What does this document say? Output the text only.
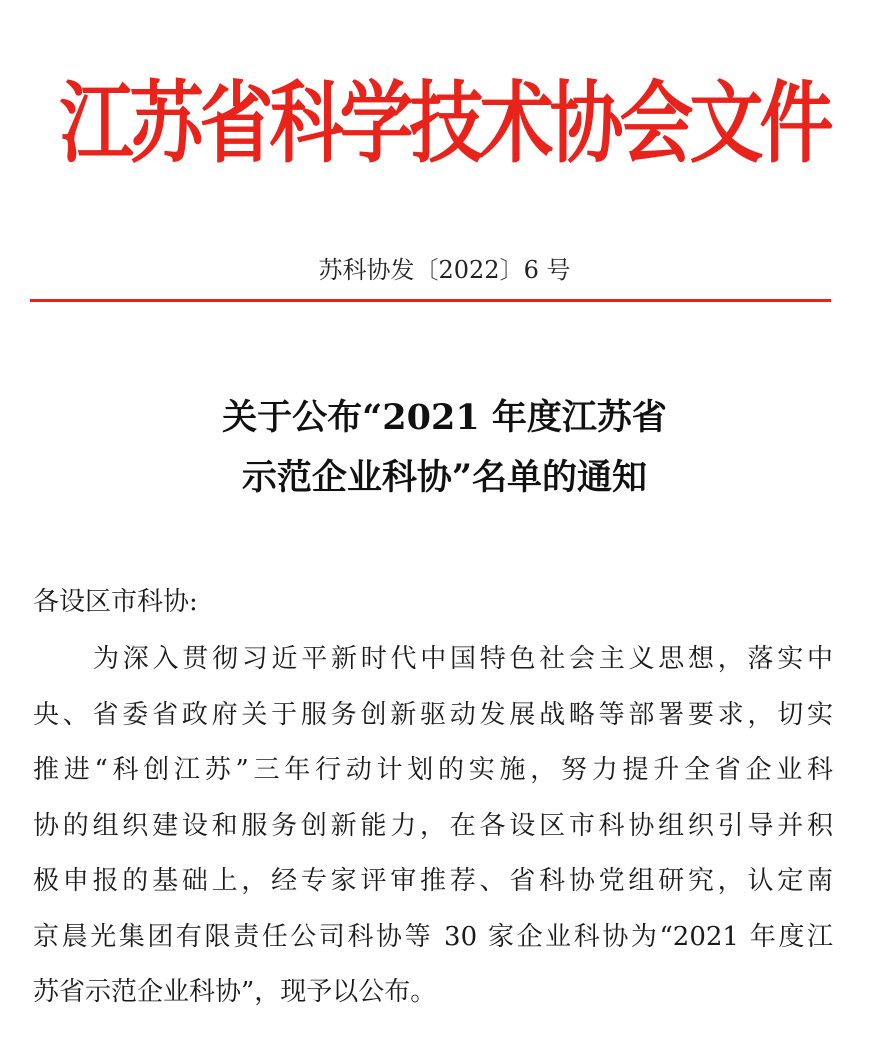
江苏省科学技术协会文件
苏科协发〔2022〕6 号
关于公布“2021 年度江苏省
示范企业科协”名单的通知
各设区市科协:
为深入贯彻习近平新时代中国特色社会主义思想，落实中
央、省委省政府关于服务创新驱动发展战略等部署要求，切实
推进“科创江苏”三年行动计划的实施，努力提升全省企业科
协的组织建设和服务创新能力，在各设区市科协组织引导并积
极申报的基础上，经专家评审推荐、省科协党组研究，认定南
京晨光集团有限责任公司科协等 30 家企业科协为“2021 年度江
苏省示范企业科协”，现予以公布。
